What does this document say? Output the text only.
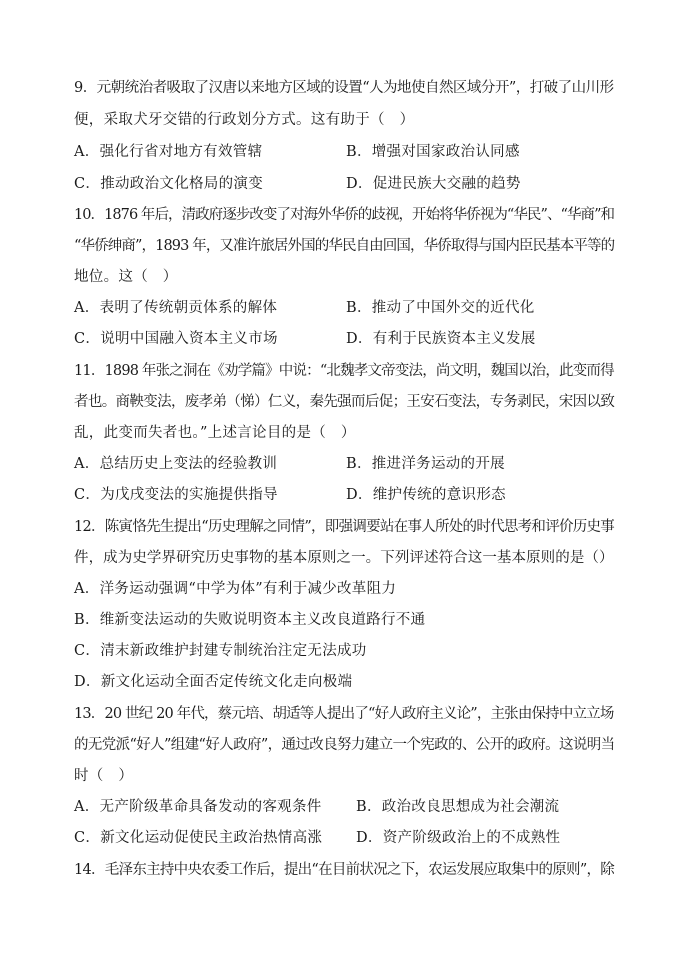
9．元朝统治者吸取了汉唐以来地方区域的设置“人为地使自然区域分开”，打破了山川形
便，采取犬牙交错的行政划分方式。这有助于（　）
A．强化行省对地方有效管辖	B．增强对国家政治认同感
C．推动政治文化格局的演变	D．促进民族大交融的趋势
10．1876 年后，清政府逐步改变了对海外华侨的歧视，开始将华侨视为“华民”、“华商”和
“华侨绅商”，1893 年，又准许旅居外国的华民自由回国，华侨取得与国内臣民基本平等的
地位。这（　）
A．表明了传统朝贡体系的解体	B．推动了中国外交的近代化
C．说明中国融入资本主义市场	D．有利于民族资本主义发展
11．1898 年张之洞在《劝学篇》中说：“北魏孝文帝变法，尚文明，魏国以治，此变而得
者也。商鞅变法，废孝弟（悌）仁义，秦先强而后促；王安石变法，专务剥民，宋因以致
乱，此变而失者也。”上述言论目的是（　）
A．总结历史上变法的经验教训	B．推进洋务运动的开展
C．为戊戌变法的实施提供指导	D．维护传统的意识形态
12．陈寅恪先生提出“历史理解之同情”，即强调要站在事人所处的时代思考和评价历史事
件，成为史学界研究历史事物的基本原则之一。下列评述符合这一基本原则的是（）
A．洋务运动强调“中学为体”有利于减少改革阻力
B．维新变法运动的失败说明资本主义改良道路行不通
C．清末新政维护封建专制统治注定无法成功
D．新文化运动全面否定传统文化走向极端
13．20 世纪 20 年代，蔡元培、胡适等人提出了“好人政府主义论”，主张由保持中立立场
的无党派“好人”组建“好人政府”，通过改良努力建立一个宪政的、公开的政府。这说明当
时（　）
A．无产阶级革命具备发动的客观条件 B．政治改良思想成为社会潮流
C．新文化运动促使民主政治热情高涨 D．资产阶级政治上的不成熟性
14．毛泽东主持中央农委工作后，提出“在目前状况之下，农运发展应取集中的原则”，除
